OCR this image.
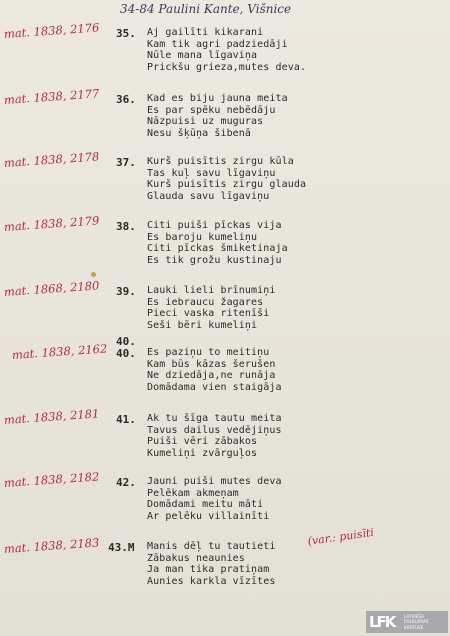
34-84 Paulini Kante, Višnice
mat. 1838, 2176	35.	Aj gailīti kikarani
Kam tik agri padziedāji
Nūle mana līgaviņa
Prickšu grieza,mutes deva.
mat. 1838, 2177	36.	Kad es biju jauna meita
Es par spēku nebēdāju
Nāzpuisi uz muguras
Nesu šķūņa šibenā
mat. 1838, 2178	37.	Kurš puisītis zirgu kūla
Tas kuļ savu līgaviņu
Kurš puisītis zirgu glauda
Glauda savu līgaviņu
mat. 1838, 2179	38.	Citi puiši pīckas vija
Es baroju kumeliņu
Citi pīckas šmiketinaja
Es tik grožu kustinaju
mat. 1868, 2180	39.	Lauki lieli brīnumiņi
Es iebraucu žagares
Pieci vaska ritenīši
Seši bēri kumeliņi
40.
mat. 1838, 2162 40.	Es paziņu to meitiņu
Kam būs kāzas šerušen
Ne dziedāja,ne runāja
Domādama vien staigāja
mat. 1838, 2181	41.	Ak tu šīga tautu meita
Tavus dailus vedējiņus
Puiši vēri zābakos
Kumeliņi zvārguļos
mat. 1838, 2182	42.	Jauni puiši mutes deva
Pelēkam akmeņam
Domādami meitu māti
Ar pelēku villainīti
mat. 1838, 2183 43.M	Manis dēļ tu tautieti
Zābakus neaunies
Ja man tika pratiņam
Aunies karkla vīzītes
(var.: puisīti
LFK	LATVIEŠU FOLKLORAS KRĀTUVE
